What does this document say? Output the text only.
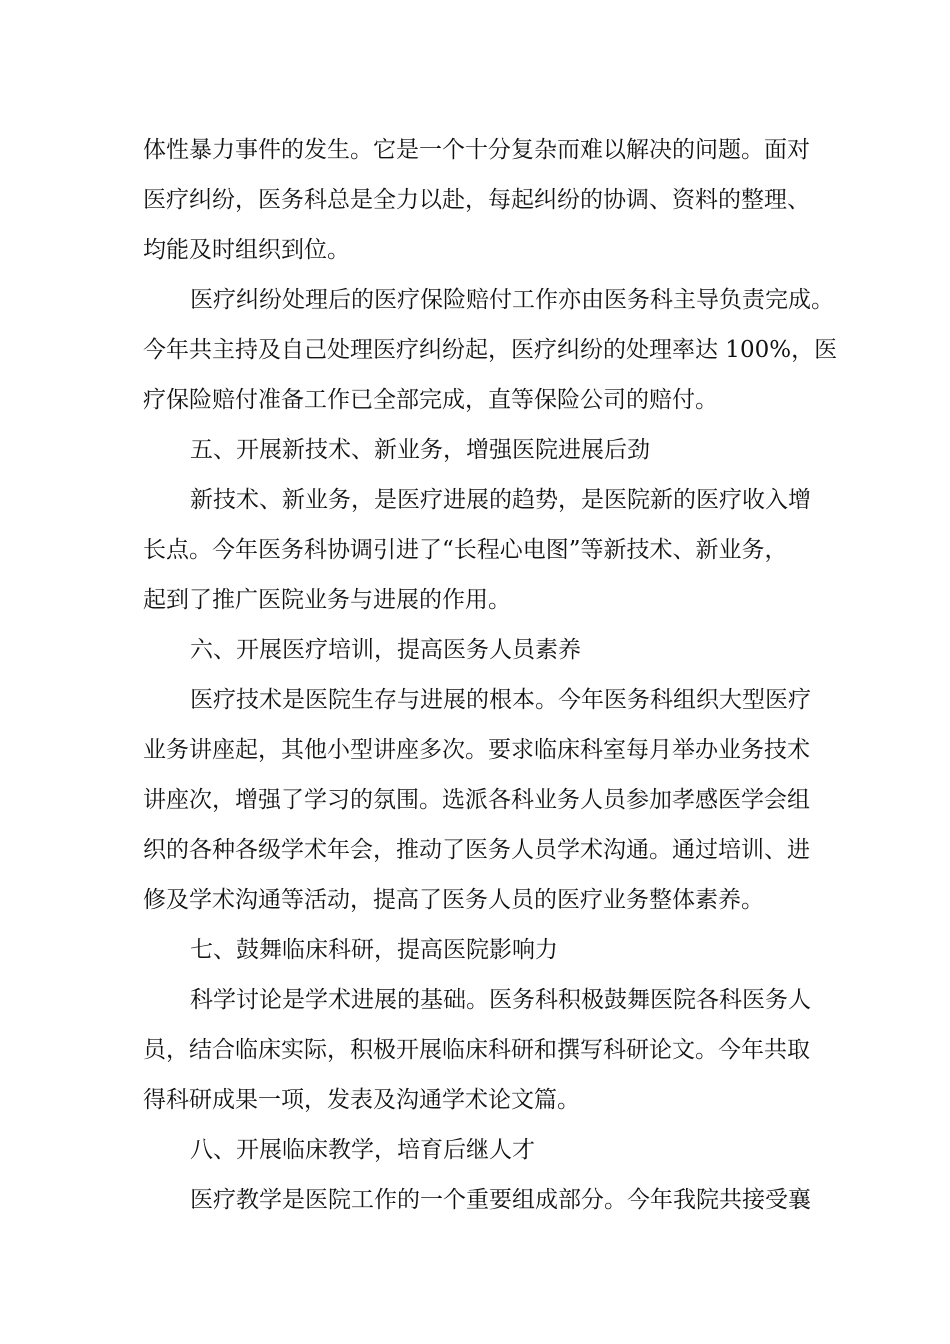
体性暴力事件的发生。它是一个十分复杂而难以解决的问题。面对

医疗纠纷，医务科总是全力以赴，每起纠纷的协调、资料的整理、

均能及时组织到位。

医疗纠纷处理后的医疗保险赔付工作亦由医务科主导负责完成。

今年共主持及自己处理医疗纠纷起，医疗纠纷的处理率达 100%，医

疗保险赔付准备工作已全部完成，直等保险公司的赔付。

五、开展新技术、新业务，增强医院进展后劲

新技术、新业务，是医疗进展的趋势，是医院新的医疗收入增

长点。今年医务科协调引进了“长程心电图”等新技术、新业务，

起到了推广医院业务与进展的作用。

六、开展医疗培训，提高医务人员素养

医疗技术是医院生存与进展的根本。今年医务科组织大型医疗

业务讲座起，其他小型讲座多次。要求临床科室每月举办业务技术

讲座次，增强了学习的氛围。选派各科业务人员参加孝感医学会组

织的各种各级学术年会，推动了医务人员学术沟通。通过培训、进

修及学术沟通等活动，提高了医务人员的医疗业务整体素养。

七、鼓舞临床科研，提高医院影响力

科学讨论是学术进展的基础。医务科积极鼓舞医院各科医务人

员，结合临床实际，积极开展临床科研和撰写科研论文。今年共取

得科研成果一项，发表及沟通学术论文篇。

八、开展临床教学，培育后继人才

医疗教学是医院工作的一个重要组成部分。今年我院共接受襄
